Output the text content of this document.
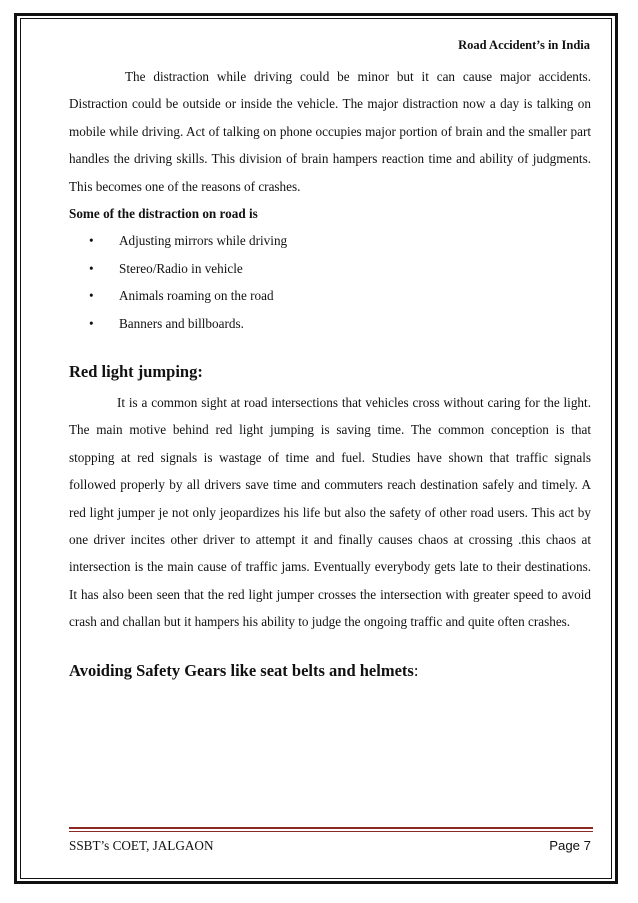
Road Accident’s in India

The distraction while driving could be minor but it can cause major accidents. Distraction could be outside or inside the vehicle. The major distraction now a day is talking on mobile while driving. Act of talking on phone occupies major portion of brain and the smaller part handles the driving skills. This division of brain hampers reaction time and ability of judgments. This becomes one of the reasons of crashes.

Some of the distraction on road is

• Adjusting mirrors while driving
• Stereo/Radio in vehicle
• Animals roaming on the road
• Banners and billboards.
Red light jumping:

It is a common sight at road intersections that vehicles cross without caring for the light. The main motive behind red light jumping is saving time. The common conception is that stopping at red signals is wastage of time and fuel. Studies have shown that traffic signals followed properly by all drivers save time and commuters reach destination safely and timely. A red light jumper je not only jeopardizes his life but also the safety of other road users. This act by one driver incites other driver to attempt it and finally causes chaos at crossing .this chaos at intersection is the main cause of traffic jams. Eventually everybody gets late to their destinations. It has also been seen that the red light jumper crosses the intersection with greater speed to avoid crash and challan but it hampers his ability to judge the ongoing traffic and quite often crashes.

Avoiding Safety Gears like seat belts and helmets:
SSBT’s COET, JALGAON	Page 7
